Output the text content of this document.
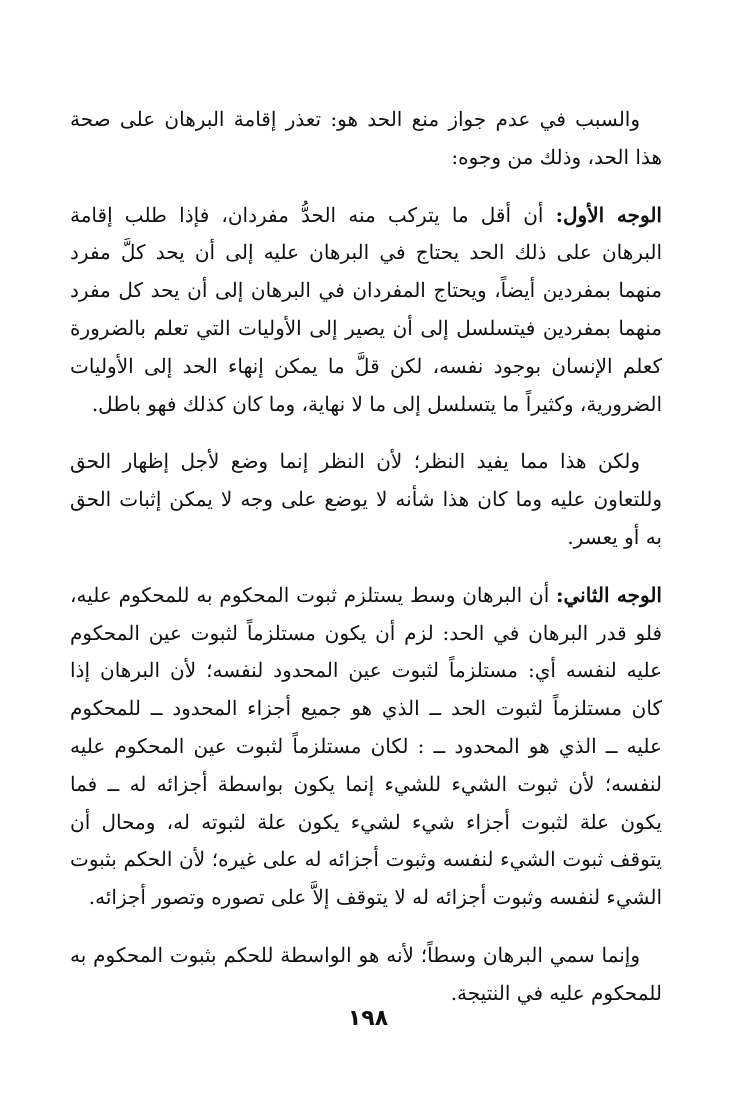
والسبب في عدم جواز منع الحد هو: تعذر إقامة البرهان على صحة هذا الحد، وذلك من وجوه:

الوجه الأول: أن أقل ما يتركب منه الحدُّ مفردان، فإذا طلب إقامة البرهان على ذلك الحد يحتاج في البرهان عليه إلى أن يحد كلَّ مفرد منهما بمفردين أيضاً، ويحتاج المفردان في البرهان إلى أن يحد كل مفرد منهما بمفردين فيتسلسل إلى أن يصير إلى الأوليات التي تعلم بالضرورة كعلم الإنسان بوجود نفسه، لكن قلَّ ما يمكن إنهاء الحد إلى الأوليات الضرورية، وكثيراً ما يتسلسل إلى ما لا نهاية، وما كان كذلك فهو باطل.

ولكن هذا مما يفيد النظر؛ لأن النظر إنما وضع لأجل إظهار الحق وللتعاون عليه وما كان هذا شأنه لا يوضع على وجه لا يمكن إثبات الحق به أو يعسر.

الوجه الثاني: أن البرهان وسط يستلزم ثبوت المحكوم به للمحكوم عليه، فلو قدر البرهان في الحد: لزم أن يكون مستلزماً لثبوت عين المحكوم عليه لنفسه أي: مستلزماً لثبوت عين المحدود لنفسه؛ لأن البرهان إذا كان مستلزماً لثبوت الحد ــ الذي هو جميع أجزاء المحدود ــ للمحكوم عليه ــ الذي هو المحدود ــ : لكان مستلزماً لثبوت عين المحكوم عليه لنفسه؛ لأن ثبوت الشيء للشيء إنما يكون بواسطة أجزائه له ــ فما يكون علة لثبوت أجزاء شيء لشيء يكون علة لثبوته له، ومحال أن يتوقف ثبوت الشيء لنفسه وثبوت أجزائه له على غيره؛ لأن الحكم بثبوت الشيء لنفسه وثبوت أجزائه له لا يتوقف إلاَّ على تصوره وتصور أجزائه.

وإنما سمي البرهان وسطاً؛ لأنه هو الواسطة للحكم بثبوت المحكوم به للمحكوم عليه في النتيجة.

١٩٨
